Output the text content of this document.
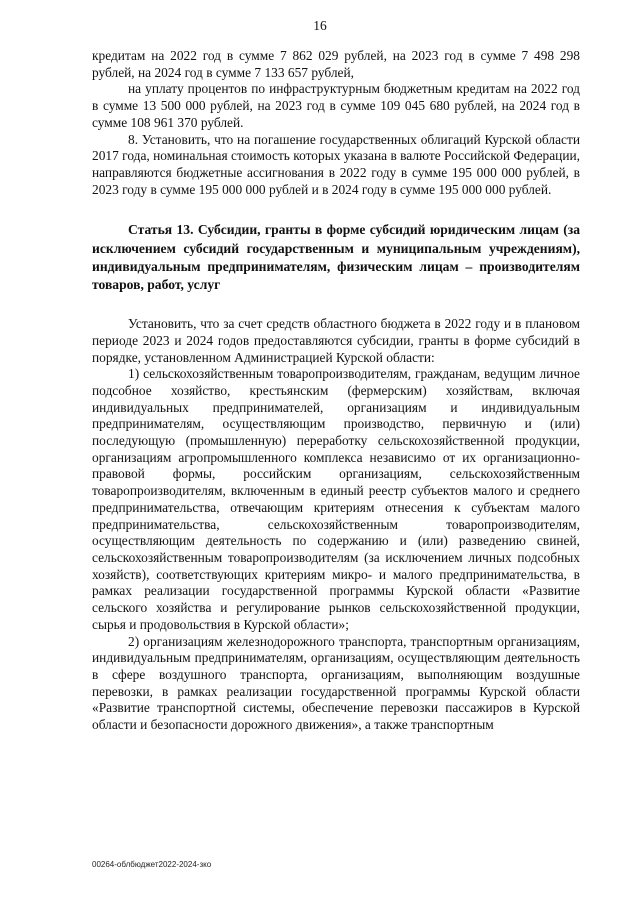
16

кредитам на 2022 год в сумме 7 862 029 рублей, на 2023 год в сумме 7 498 298 рублей, на 2024 год в сумме 7 133 657 рублей,

на уплату процентов по инфраструктурным бюджетным кредитам на 2022 год в сумме 13 500 000 рублей, на 2023 год в сумме 109 045 680 рублей, на 2024 год в сумме 108 961 370 рублей.

8. Установить, что на погашение государственных облигаций Курской области 2017 года, номинальная стоимость которых указана в валюте Российской Федерации, направляются бюджетные ассигнования в 2022 году в сумме 195 000 000 рублей, в 2023 году в сумме 195 000 000 рублей и в 2024 году в сумме 195 000 000 рублей.

Статья 13. Субсидии, гранты в форме субсидий юридическим лицам (за исключением субсидий государственным и муниципальным учреждениям), индивидуальным предпринимателям, физическим лицам – производителям товаров, работ, услуг

Установить, что за счет средств областного бюджета в 2022 году и в плановом периоде 2023 и 2024 годов предоставляются субсидии, гранты в форме субсидий в порядке, установленном Администрацией Курской области:

1) сельскохозяйственным товаропроизводителям, гражданам, ведущим личное подсобное хозяйство, крестьянским (фермерским) хозяйствам, включая индивидуальных предпринимателей, организациям и индивидуальным предпринимателям, осуществляющим производство, первичную и (или) последующую (промышленную) переработку сельскохозяйственной продукции, организациям агропромышленного комплекса независимо от их организационно-правовой формы, российским организациям, сельскохозяйственным товаропроизводителям, включенным в единый реестр субъектов малого и среднего предпринимательства, отвечающим критериям отнесения к субъектам малого предпринимательства, сельскохозяйственным товаропроизводителям, осуществляющим деятельность по содержанию и (или) разведению свиней, сельскохозяйственным товаропроизводителям (за исключением личных подсобных хозяйств), соответствующих критериям микро- и малого предпринимательства, в рамках реализации государственной программы Курской области «Развитие сельского хозяйства и регулирование рынков сельскохозяйственной продукции, сырья и продовольствия в Курской области»;

2) организациям железнодорожного транспорта, транспортным организациям, индивидуальным предпринимателям, организациям, осуществляющим деятельность в сфере воздушного транспорта, организациям, выполняющим воздушные перевозки, в рамках реализации государственной программы Курской области «Развитие транспортной системы, обеспечение перевозки пассажиров в Курской области и безопасности дорожного движения», а также транспортным

00264-облбюджет2022-2024-зко
